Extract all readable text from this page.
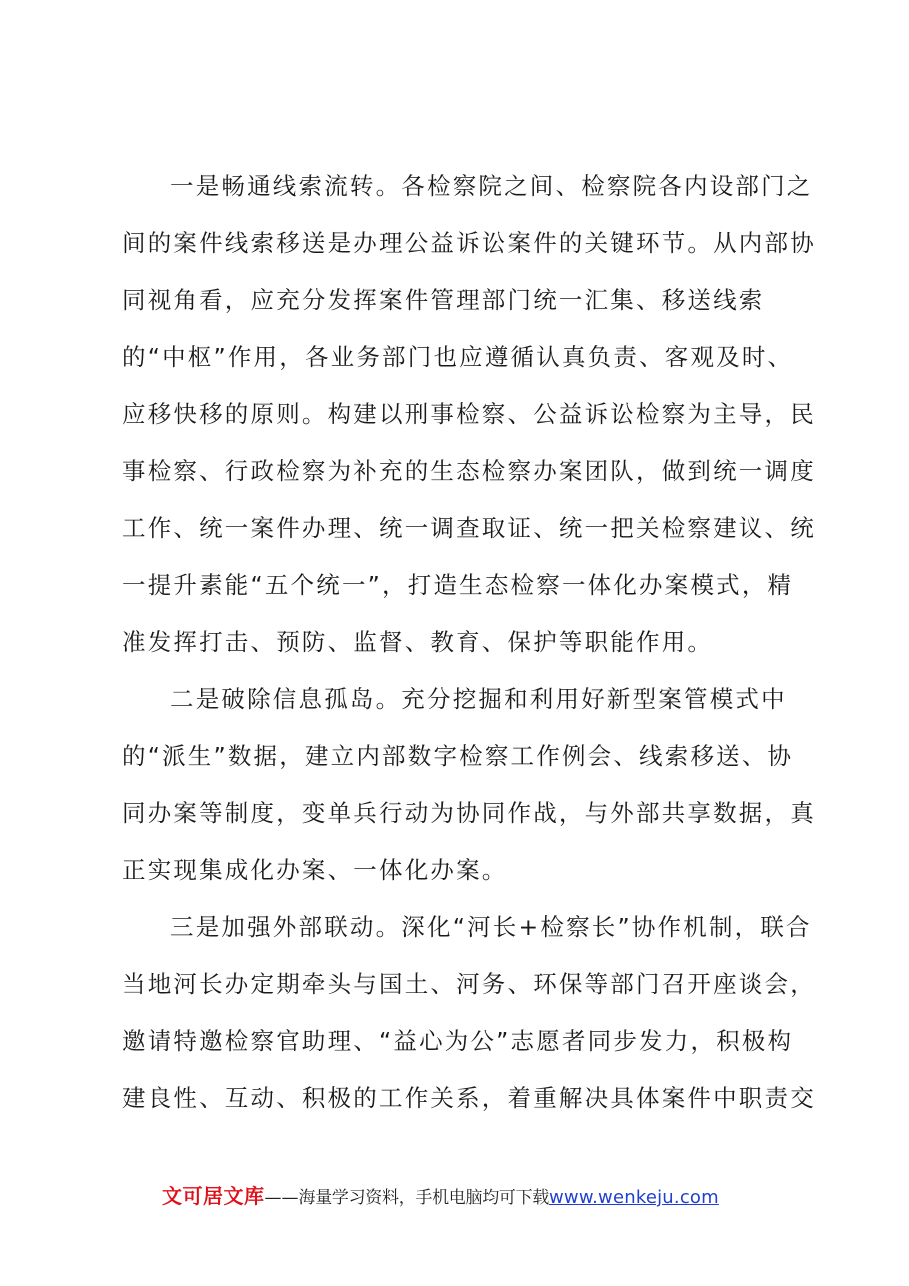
一是畅通线索流转。各检察院之间、检察院各内设部门之
间的案件线索移送是办理公益诉讼案件的关键环节。从内部协
同视角看，应充分发挥案件管理部门统一汇集、移送线索
的“中枢”作用，各业务部门也应遵循认真负责、客观及时、
应移快移的原则。构建以刑事检察、公益诉讼检察为主导，民
事检察、行政检察为补充的生态检察办案团队，做到统一调度
工作、统一案件办理、统一调查取证、统一把关检察建议、统
一提升素能“五个统一”，打造生态检察一体化办案模式，精
准发挥打击、预防、监督、教育、保护等职能作用。
二是破除信息孤岛。充分挖掘和利用好新型案管模式中
的“派生”数据，建立内部数字检察工作例会、线索移送、协
同办案等制度，变单兵行动为协同作战，与外部共享数据，真
正实现集成化办案、一体化办案。
三是加强外部联动。深化“河长+检察长”协作机制，联合
当地河长办定期牵头与国土、河务、环保等部门召开座谈会，
邀请特邀检察官助理、“益心为公”志愿者同步发力，积极构
建良性、互动、积极的工作关系，着重解决具体案件中职责交
文可居文库——海量学习资料，手机电脑均可下载www.wenkeju.com
